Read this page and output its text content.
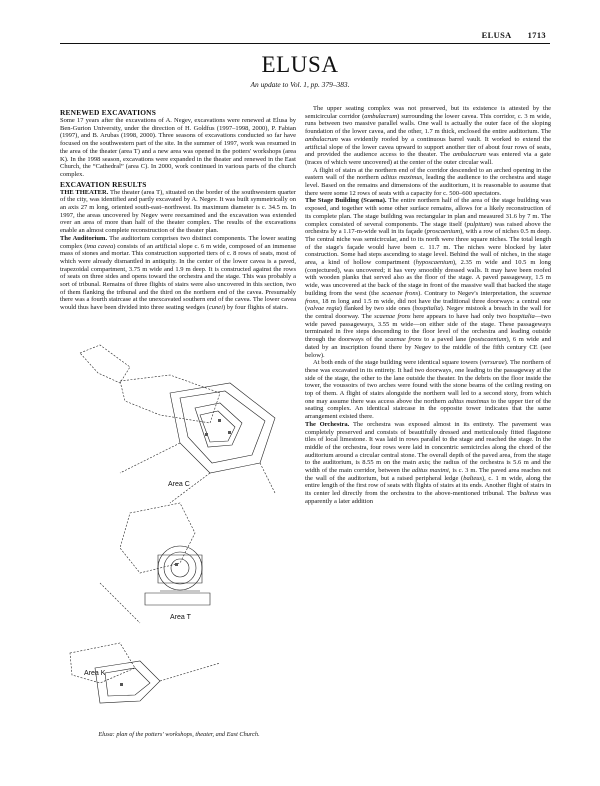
ELUSA 1713
ELUSA
An update to Vol. 1, pp. 379–383.
RENEWED EXCAVATIONS

Some 17 years after the excavations of A. Negev, excavations were renewed at Elusa by Ben-Gurion University, under the direction of H. Goldfus (1997–1998, 2000), P. Fabian (1997), and B. Arubas (1998, 2000). Three seasons of excavations conducted so far have focused on the southwestern part of the site. In the summer of 1997, work was resumed in the area of the theater (area T) and a new area was opened in the potters' workshops (area K). In the 1998 season, excavations were expanded in the theater and renewed in the East Church, the “Cathedral” (area C). In 2000, work continued in various parts of the church complex.

EXCAVATION RESULTS

THE THEATER. The theater (area T), situated on the border of the southwestern quarter of the city, was identified and partly excavated by A. Negev. It was built symmetrically on an axis 27 m long, oriented south-east–northwest. Its maximum diameter is c. 34.5 m. In 1997, the areas uncovered by Negev were reexamined and the excavation was extended over an area of more than half of the theater complex. The results of the excavations enable an almost complete reconstruction of the theater plan.

The Auditorium. The auditorium comprises two distinct components. The lower seating complex (ima cavea) consists of an artificial slope c. 6 m wide, composed of an immense mass of stones and mortar. This construction supported tiers of c. 8 rows of seats, most of which were already dismantled in antiquity. In the center of the lower cavea is a paved, trapezoidal compartment, 3.75 m wide and 1.9 m deep. It is constructed against the rows of seats on three sides and opens toward the orchestra and the stage. This was probably a sort of tribunal. Remains of three flights of stairs were also uncovered in this section, two of them flanking the tribunal and the third on the northern end of the cavea. Presumably there was a fourth staircase at the unexcavated southern end of the cavea. The lower cavea would thus have been divided into three seating wedges (cunei) by four flights of stairs.

Area C
Area T
Area K
Elusa: plan of the potters' workshops, theater, and East Church.

The upper seating complex was not preserved, but its existence is attested by the semicircular corridor (ambulacrum) surrounding the lower cavea. This corridor, c. 3 m wide, runs between two massive parallel walls. One wall is actually the outer face of the sloping foundation of the lower cavea, and the other, 1.7 m thick, enclosed the entire auditorium. The ambulacrum was evidently roofed by a continuous barrel vault. It worked to extend the artificial slope of the lower cavea upward to support another tier of about four rows of seats, and provided the audience access to the theater. The ambulacrum was entered via a gate (traces of which were uncovered) at the center of the outer circular wall.

A flight of stairs at the northern end of the corridor descended to an arched opening in the eastern wall of the northern aditus maximus, leading the audience to the orchestra and stage level. Based on the remains and dimensions of the auditorium, it is reasonable to assume that there were some 12 rows of seats with a capacity for c. 500–600 spectators.

The Stage Building (Scaena). The entire northern half of the area of the stage building was exposed, and together with some other surface remains, allows for a likely reconstruction of its complete plan. The stage building was rectangular in plan and measured 31.6 by 7 m. The complex consisted of several components. The stage itself (pulpitum) was raised above the orchestra by a 1.17-m-wide wall in its façade (proscaenium), with a row of niches 0.5 m deep. The central niche was semicircular, and to its north were three square niches. The total length of the stage's façade would have been c. 11.7 m. The niches were blocked by later construction. Some had steps ascending to stage level. Behind the wall of niches, in the stage area, a kind of hollow compartment (hyposcaenium), 2.35 m wide and 10.5 m long (conjectured), was uncovered; it has very smoothly dressed walls. It may have been roofed with wooden planks that served also as the floor of the stage. A paved passageway, 1.5 m wide, was uncovered at the back of the stage in front of the massive wall that backed the stage building from the west (the scaenae frons). Contrary to Negev's interpretation, the scaenae frons, 18 m long and 1.5 m wide, did not have the traditional three doorways: a central one (valvae regia) flanked by two side ones (hospitalia). Negev mistook a breach in the wall for the central doorway. The scaenae frons here appears to have had only two hospitalia—two wide paved passageways, 3.55 m wide—on either side of the stage. These passageways terminated in five steps descending to the floor level of the orchestra and leading outside through the doorways of the scaenae frons to a paved lane (postscaenium), 6 m wide and dated by an inscription found there by Negev to the middle of the fifth century CE (see below).

At both ends of the stage building were identical square towers (versurae). The northern of these was excavated in its entirety. It had two doorways, one leading to the passageway at the side of the stage, the other to the lane outside the theater. In the debris on the floor inside the tower, the voussoirs of two arches were found with the stone beams of the ceiling resting on top of them. A flight of stairs alongside the northern wall led to a second story, from which one may assume there was access above the northern aditus maximus to the upper tier of the seating complex. An identical staircase in the opposite tower indicates that the same arrangement existed there.

The Orchestra. The orchestra was exposed almost in its entirety. The pavement was completely preserved and consists of beautifully dressed and meticulously fitted flagstone tiles of local limestone. It was laid in rows parallel to the stage and reached the stage. In the middle of the orchestra, four rows were laid in concentric semicircles along the chord of the auditorium around a circular central stone. The overall depth of the paved area, from the stage to the auditorium, is 8.55 m on the main axis; the radius of the orchestra is 5.6 m and the width of the main corridor, between the aditus maximi, is c. 3 m. The paved area reaches not the wall of the auditorium, but a raised peripheral ledge (balteus), c. 1 m wide, along the entire length of the first row of seats with flights of stairs at its ends. Another flight of stairs in its center led directly from the orchestra to the above-mentioned tribunal. The balteus was apparently a later addition
